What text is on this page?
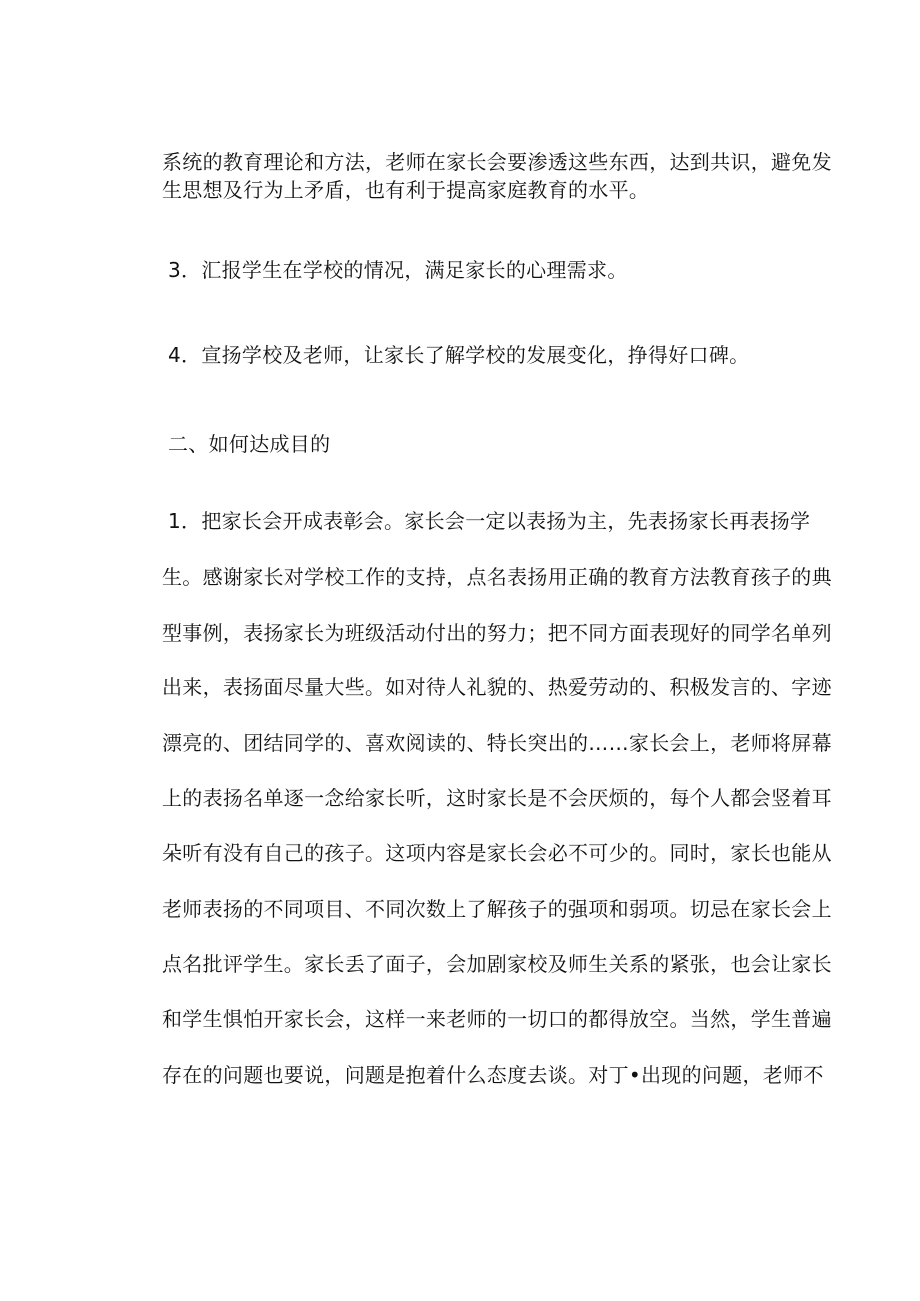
系统的教育理论和方法，老师在家长会要渗透这些东西，达到共识，避免发
生思想及行为上矛盾，也有利于提高家庭教育的水平。
3．汇报学生在学校的情况，满足家长的心理需求。
4．宣扬学校及老师，让家长了解学校的发展变化，挣得好口碑。
二、如何达成目的
1．把家长会开成表彰会。家长会一定以表扬为主，先表扬家长再表扬学
生。感谢家长对学校工作的支持，点名表扬用正确的教育方法教育孩子的典
型事例，表扬家长为班级活动付出的努力；把不同方面表现好的同学名单列
出来，表扬面尽量大些。如对待人礼貌的、热爱劳动的、积极发言的、字迹
漂亮的、团结同学的、喜欢阅读的、特长突出的……家长会上，老师将屏幕
上的表扬名单逐一念给家长听，这时家长是不会厌烦的，每个人都会竖着耳
朵听有没有自己的孩子。这项内容是家长会必不可少的。同时，家长也能从
老师表扬的不同项目、不同次数上了解孩子的强项和弱项。切忌在家长会上
点名批评学生。家长丢了面子，会加剧家校及师生关系的紧张，也会让家长
和学生惧怕开家长会，这样一来老师的一切口的都得放空。当然，学生普遍
存在的问题也要说，问题是抱着什么态度去谈。对丁•出现的问题，老师不
